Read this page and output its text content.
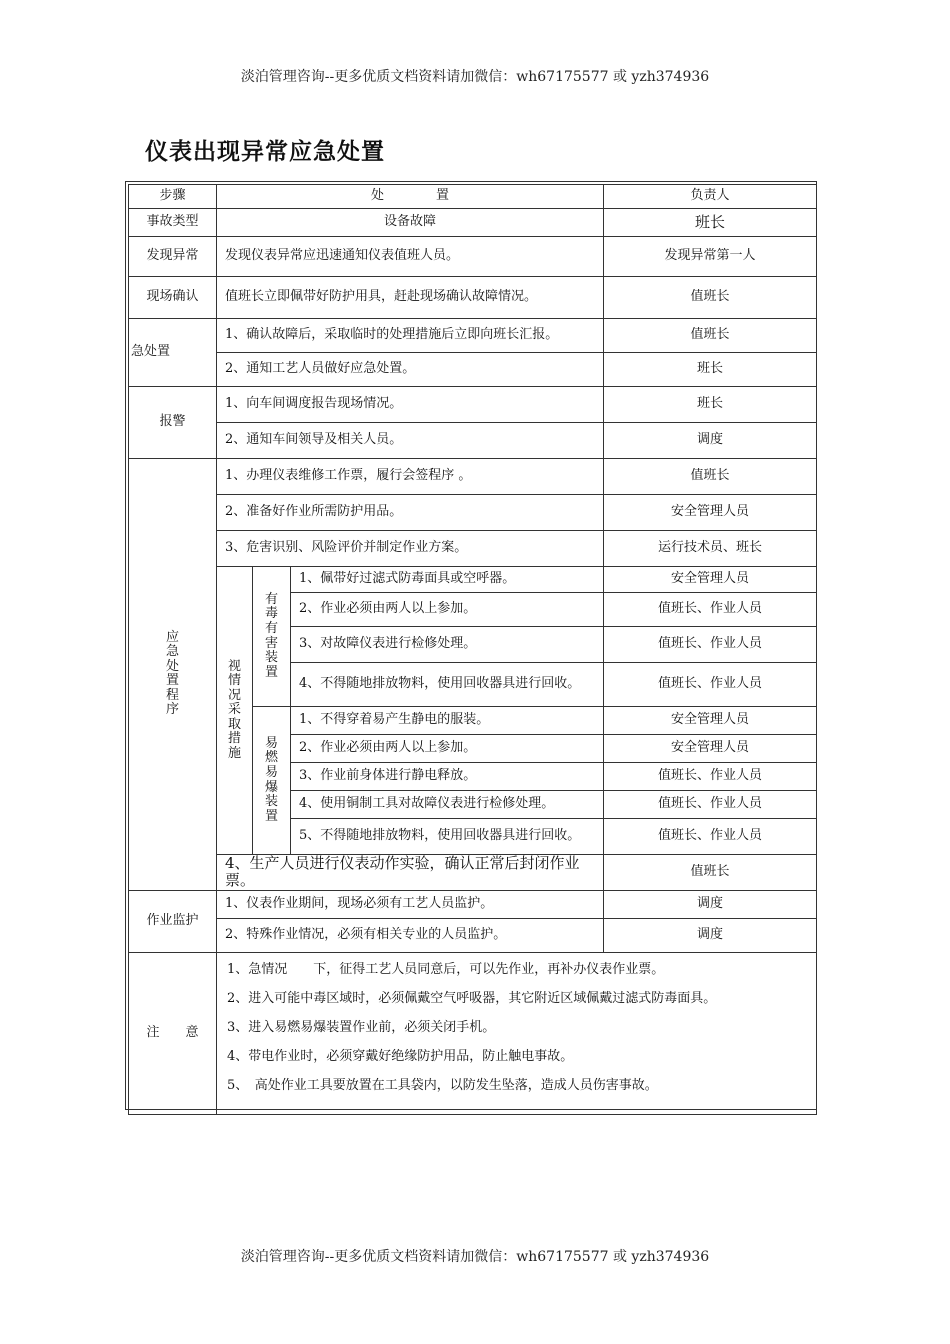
淡泊管理咨询--更多优质文档资料请加微信：wh67175577 或 yzh374936
仪表出现异常应急处置
步骤	处　　　　置			负责人
事故类型	设备故障			班长
发现异常	发现仪表异常应迅速通知仪表值班人员。			发现异常第一人
现场确认	值班长立即佩带好防护用具，赶赴现场确认故障情况。			值班长
急处置	1、确认故障后，采取临时的处理措施后立即向班长汇报。			值班长
	2、通知工艺人员做好应急处置。			班长
报警	1、向车间调度报告现场情况。			班长
	2、通知车间领导及相关人员。			调度
应急处置程序	1、办理仪表维修工作票，履行会签程序 。			值班长
	2、准备好作业所需防护用品。			安全管理人员
	3、危害识别、风险评价并制定作业方案。			运行技术员、班长
	视情况采取措施	有毒有害装置	1、佩带好过滤式防毒面具或空呼器。	安全管理人员
			2、作业必须由两人以上参加。	值班长、作业人员
			3、对故障仪表进行检修处理。	值班长、作业人员
			4、不得随地排放物料，使用回收器具进行回收。	值班长、作业人员
		易燃易爆装置	1、不得穿着易产生静电的服装。	安全管理人员
			2、作业必须由两人以上参加。	安全管理人员
			3、作业前身体进行静电释放。	值班长、作业人员
			4、使用铜制工具对故障仪表进行检修处理。	值班长、作业人员
			5、不得随地排放物料，使用回收器具进行回收。	值班长、作业人员
	4、生产人员进行仪表动作实验，确认正常后封闭作业票。			值班长
作业监护	1、仪表作业期间，现场必须有工艺人员监护。			调度
	2、特殊作业情况，必须有相关专业的人员监护。			调度
注　　意	1、急情况　　下，征得工艺人员同意后，可以先作业，再补办仪表作业票。
2、进入可能中毒区域时，必须佩戴空气呼吸器，其它附近区域佩戴过滤式防毒面具。
3、进入易燃易爆装置作业前，必须关闭手机。
4、带电作业时，必须穿戴好绝缘防护用品，防止触电事故。
5、　高处作业工具要放置在工具袋内，以防发生坠落，造成人员伤害事故。			
淡泊管理咨询--更多优质文档资料请加微信：wh67175577 或 yzh374936
